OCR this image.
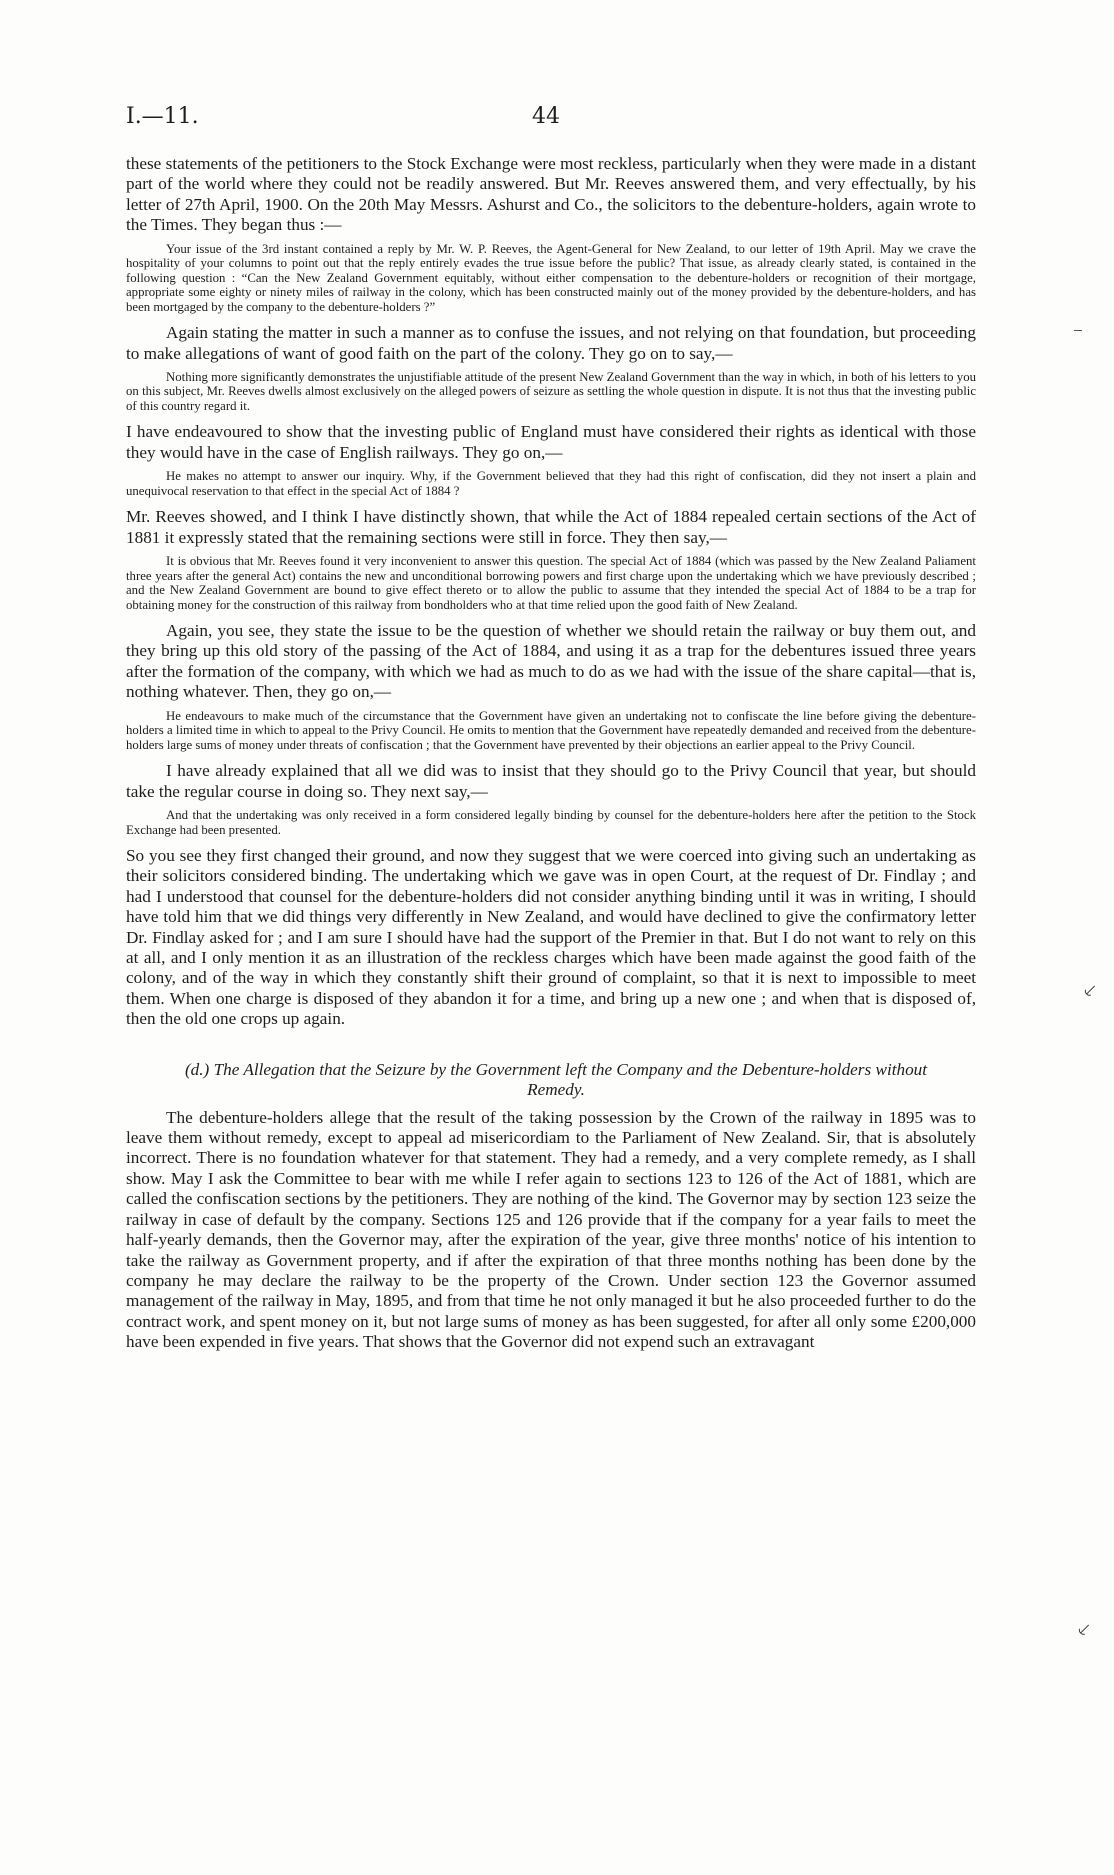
I.—11.	44

these statements of the petitioners to the Stock Exchange were most reckless, particularly when they were made in a distant part of the world where they could not be readily answered. But Mr. Reeves answered them, and very effectually, by his letter of 27th April, 1900. On the 20th May Messrs. Ashurst and Co., the solicitors to the debenture-holders, again wrote to the Times. They began thus :—

Your issue of the 3rd instant contained a reply by Mr. W. P. Reeves, the Agent-General for New Zealand, to our letter of 19th April. May we crave the hospitality of your columns to point out that the reply entirely evades the true issue before the public? That issue, as already clearly stated, is contained in the following question : “Can the New Zealand Government equitably, without either compensation to the debenture-holders or recognition of their mortgage, appropriate some eighty or ninety miles of railway in the colony, which has been constructed mainly out of the money provided by the debenture-holders, and has been mortgaged by the company to the debenture-holders ?”

Again stating the matter in such a manner as to confuse the issues, and not relying on that foundation, but proceeding to make allegations of want of good faith on the part of the colony. They go on to say,—

Nothing more significantly demonstrates the unjustifiable attitude of the present New Zealand Government than the way in which, in both of his letters to you on this subject, Mr. Reeves dwells almost exclusively on the alleged powers of seizure as settling the whole question in dispute. It is not thus that the investing public of this country regard it.

I have endeavoured to show that the investing public of England must have considered their rights as identical with those they would have in the case of English railways. They go on,—

He makes no attempt to answer our inquiry. Why, if the Government believed that they had this right of confiscation, did they not insert a plain and unequivocal reservation to that effect in the special Act of 1884 ?

Mr. Reeves showed, and I think I have distinctly shown, that while the Act of 1884 repealed certain sections of the Act of 1881 it expressly stated that the remaining sections were still in force. They then say,—

It is obvious that Mr. Reeves found it very inconvenient to answer this question. The special Act of 1884 (which was passed by the New Zealand Paliament three years after the general Act) contains the new and unconditional borrowing powers and first charge upon the undertaking which we have previously described ; and the New Zealand Government are bound to give effect thereto or to allow the public to assume that they intended the special Act of 1884 to be a trap for obtaining money for the construction of this railway from bondholders who at that time relied upon the good faith of New Zealand.

Again, you see, they state the issue to be the question of whether we should retain the railway or buy them out, and they bring up this old story of the passing of the Act of 1884, and using it as a trap for the debentures issued three years after the formation of the company, with which we had as much to do as we had with the issue of the share capital—that is, nothing whatever. Then, they go on,—

He endeavours to make much of the circumstance that the Government have given an undertaking not to confiscate the line before giving the debenture-holders a limited time in which to appeal to the Privy Council. He omits to mention that the Government have repeatedly demanded and received from the debenture-holders large sums of money under threats of confiscation ; that the Government have prevented by their objections an earlier appeal to the Privy Council.

I have already explained that all we did was to insist that they should go to the Privy Council that year, but should take the regular course in doing so. They next say,—

And that the undertaking was only received in a form considered legally binding by counsel for the debenture-holders here after the petition to the Stock Exchange had been presented.

So you see they first changed their ground, and now they suggest that we were coerced into giving such an undertaking as their solicitors considered binding. The undertaking which we gave was in open Court, at the request of Dr. Findlay ; and had I understood that counsel for the debenture-holders did not consider anything binding until it was in writing, I should have told him that we did things very differently in New Zealand, and would have declined to give the confirmatory letter Dr. Findlay asked for ; and I am sure I should have had the support of the Premier in that. But I do not want to rely on this at all, and I only mention it as an illustration of the reckless charges which have been made against the good faith of the colony, and of the way in which they constantly shift their ground of complaint, so that it is next to impossible to meet them. When one charge is disposed of they abandon it for a time, and bring up a new one ; and when that is disposed of, then the old one crops up again.

(d.) The Allegation that the Seizure by the Government left the Company and the Debenture-holders without Remedy.

The debenture-holders allege that the result of the taking possession by the Crown of the railway in 1895 was to leave them without remedy, except to appeal ad misericordiam to the Parliament of New Zealand. Sir, that is absolutely incorrect. There is no foundation whatever for that statement. They had a remedy, and a very complete remedy, as I shall show. May I ask the Committee to bear with me while I refer again to sections 123 to 126 of the Act of 1881, which are called the confiscation sections by the petitioners. They are nothing of the kind. The Governor may by section 123 seize the railway in case of default by the company. Sections 125 and 126 provide that if the company for a year fails to meet the half-yearly demands, then the Governor may, after the expiration of the year, give three months' notice of his intention to take the railway as Government property, and if after the expiration of that three months nothing has been done by the company he may declare the railway to be the property of the Crown. Under section 123 the Governor assumed management of the railway in May, 1895, and from that time he not only managed it but he also proceeded further to do the contract work, and spent money on it, but not large sums of money as has been suggested, for after all only some £200,000 have been expended in five years. That shows that the Governor did not expend such an extravagant

⸔
⸔
